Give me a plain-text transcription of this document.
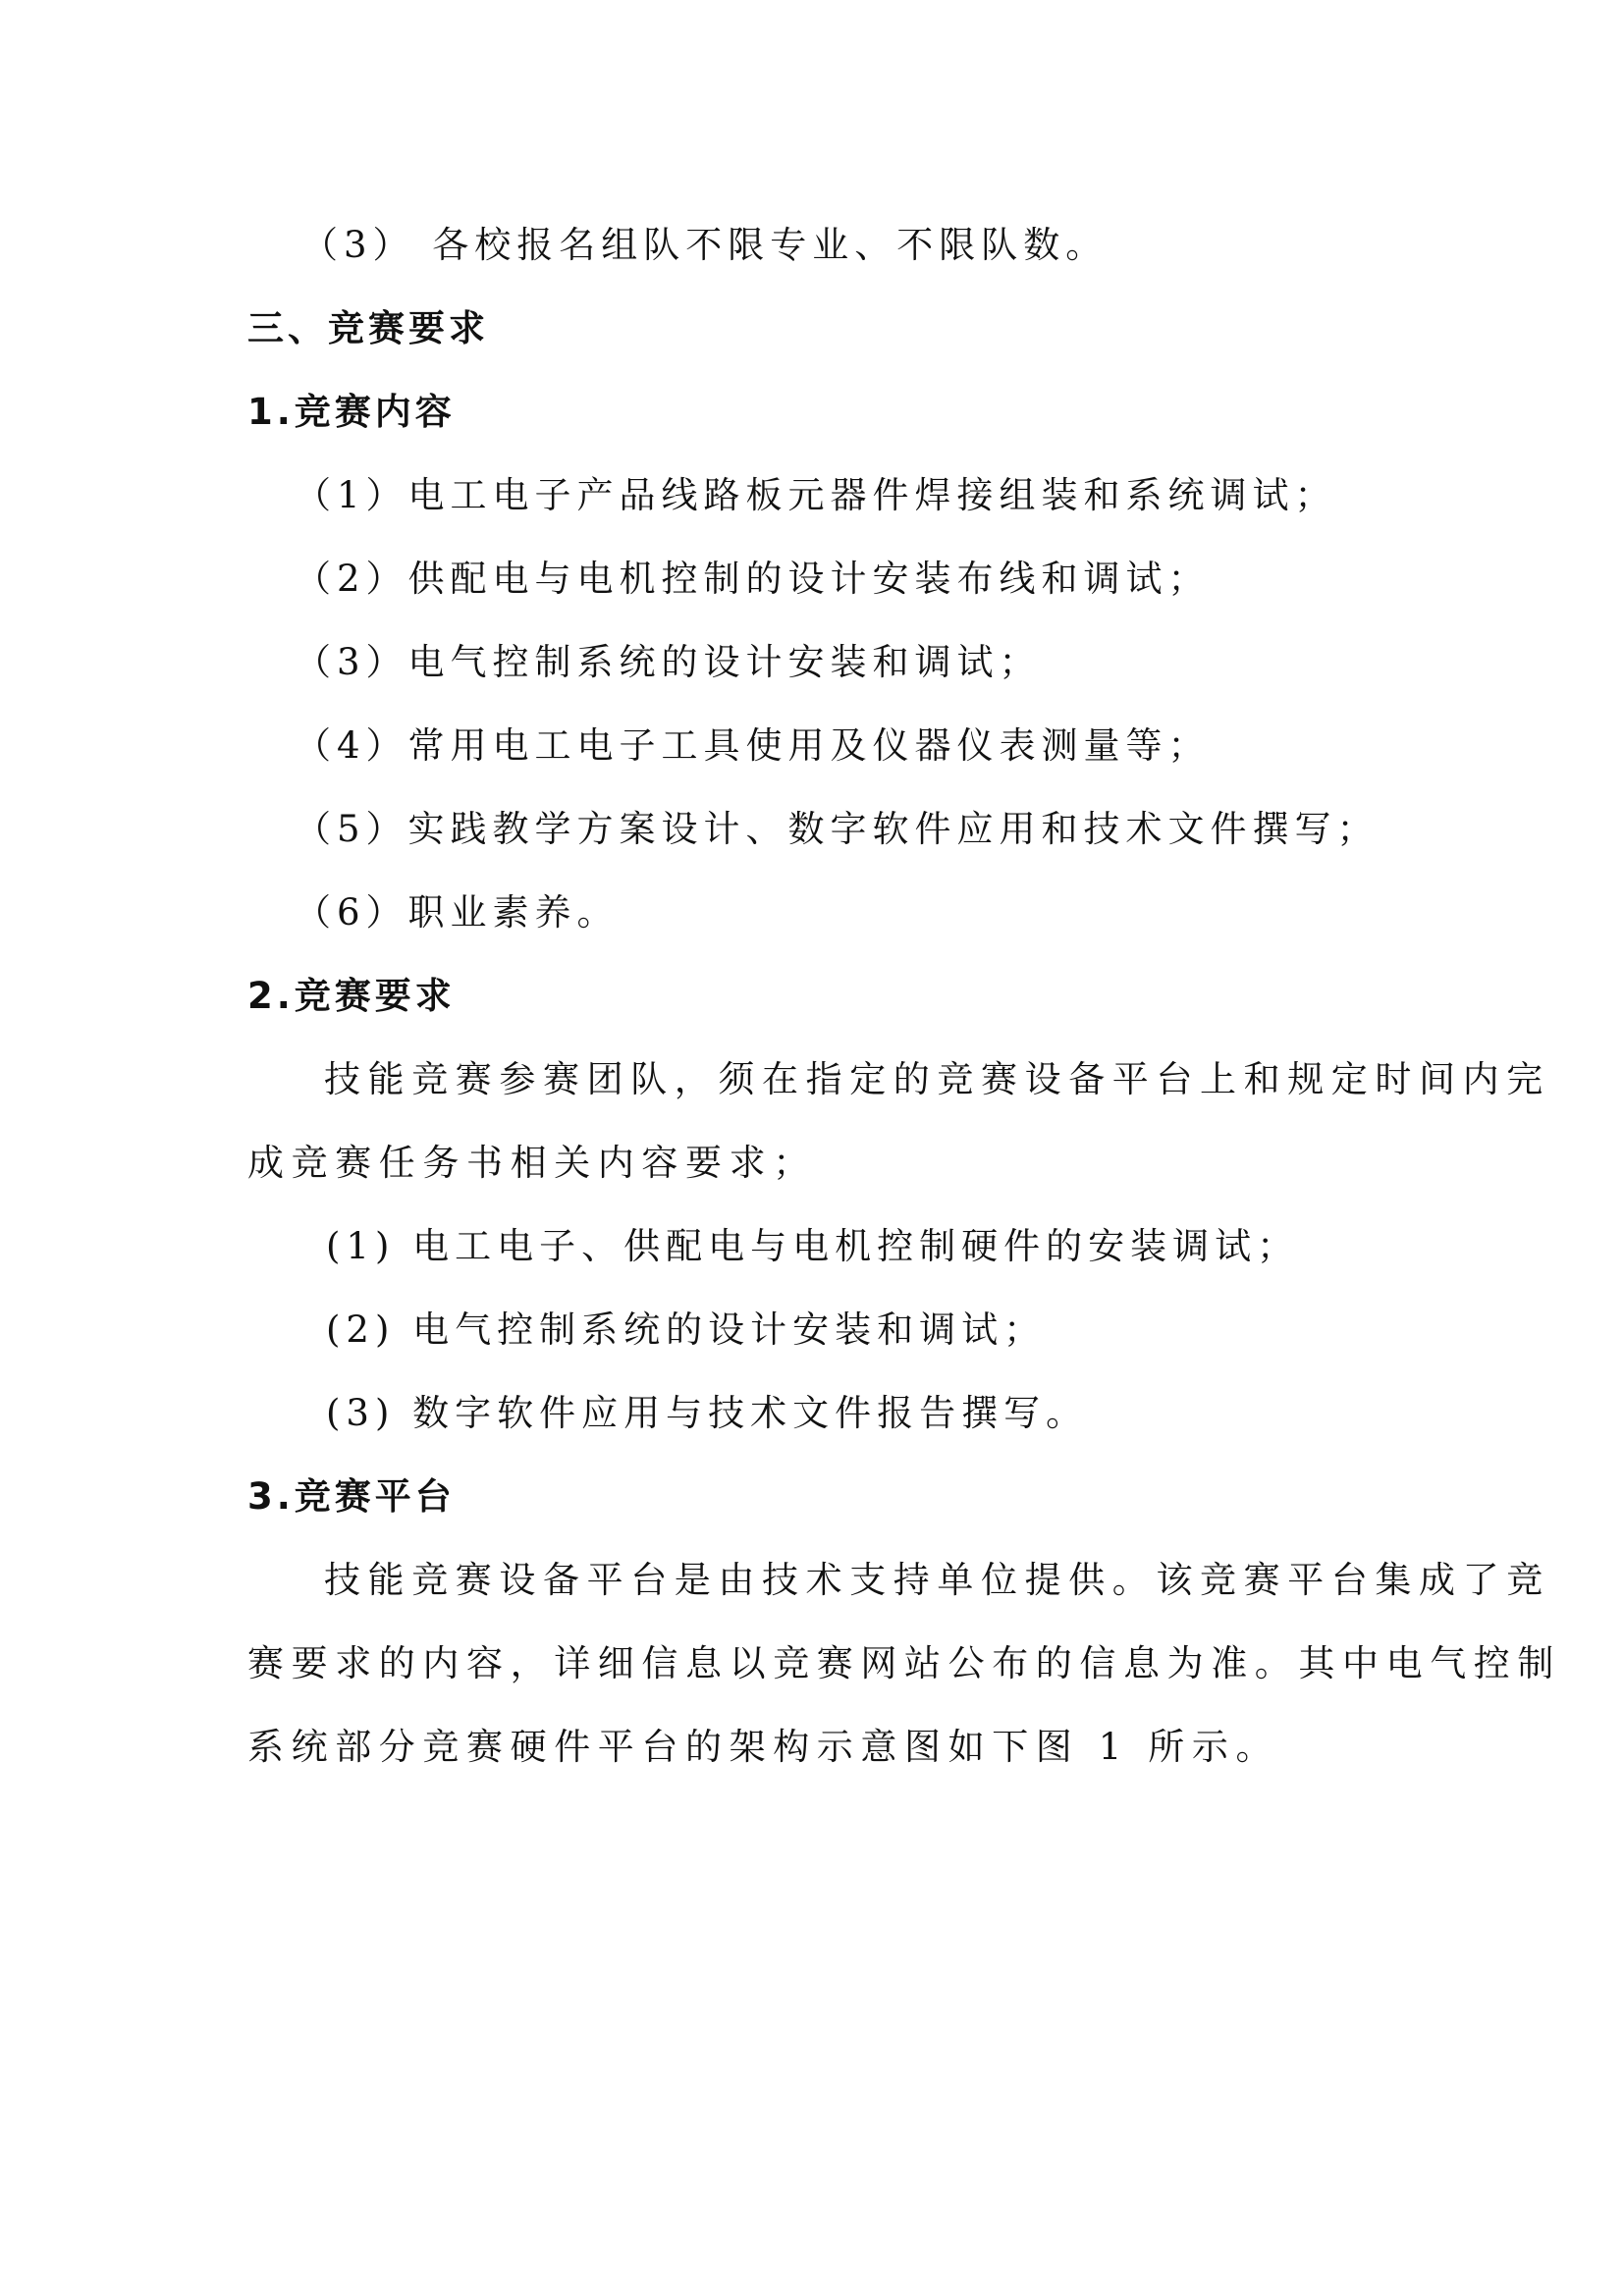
（3） 各校报名组队不限专业、不限队数。
三、竞赛要求
1.竞赛内容
（1）电工电子产品线路板元器件焊接组装和系统调试；
（2）供配电与电机控制的设计安装布线和调试；
（3）电气控制系统的设计安装和调试；
（4）常用电工电子工具使用及仪器仪表测量等；
（5）实践教学方案设计、数字软件应用和技术文件撰写；
（6）职业素养。
2.竞赛要求
技能竞赛参赛团队，须在指定的竞赛设备平台上和规定时间内完
成竞赛任务书相关内容要求；
(1) 电工电子、供配电与电机控制硬件的安装调试；
(2) 电气控制系统的设计安装和调试；
(3) 数字软件应用与技术文件报告撰写。
3.竞赛平台
技能竞赛设备平台是由技术支持单位提供。该竞赛平台集成了竞
赛要求的内容，详细信息以竞赛网站公布的信息为准。其中电气控制
系统部分竞赛硬件平台的架构示意图如下图 1 所示。
